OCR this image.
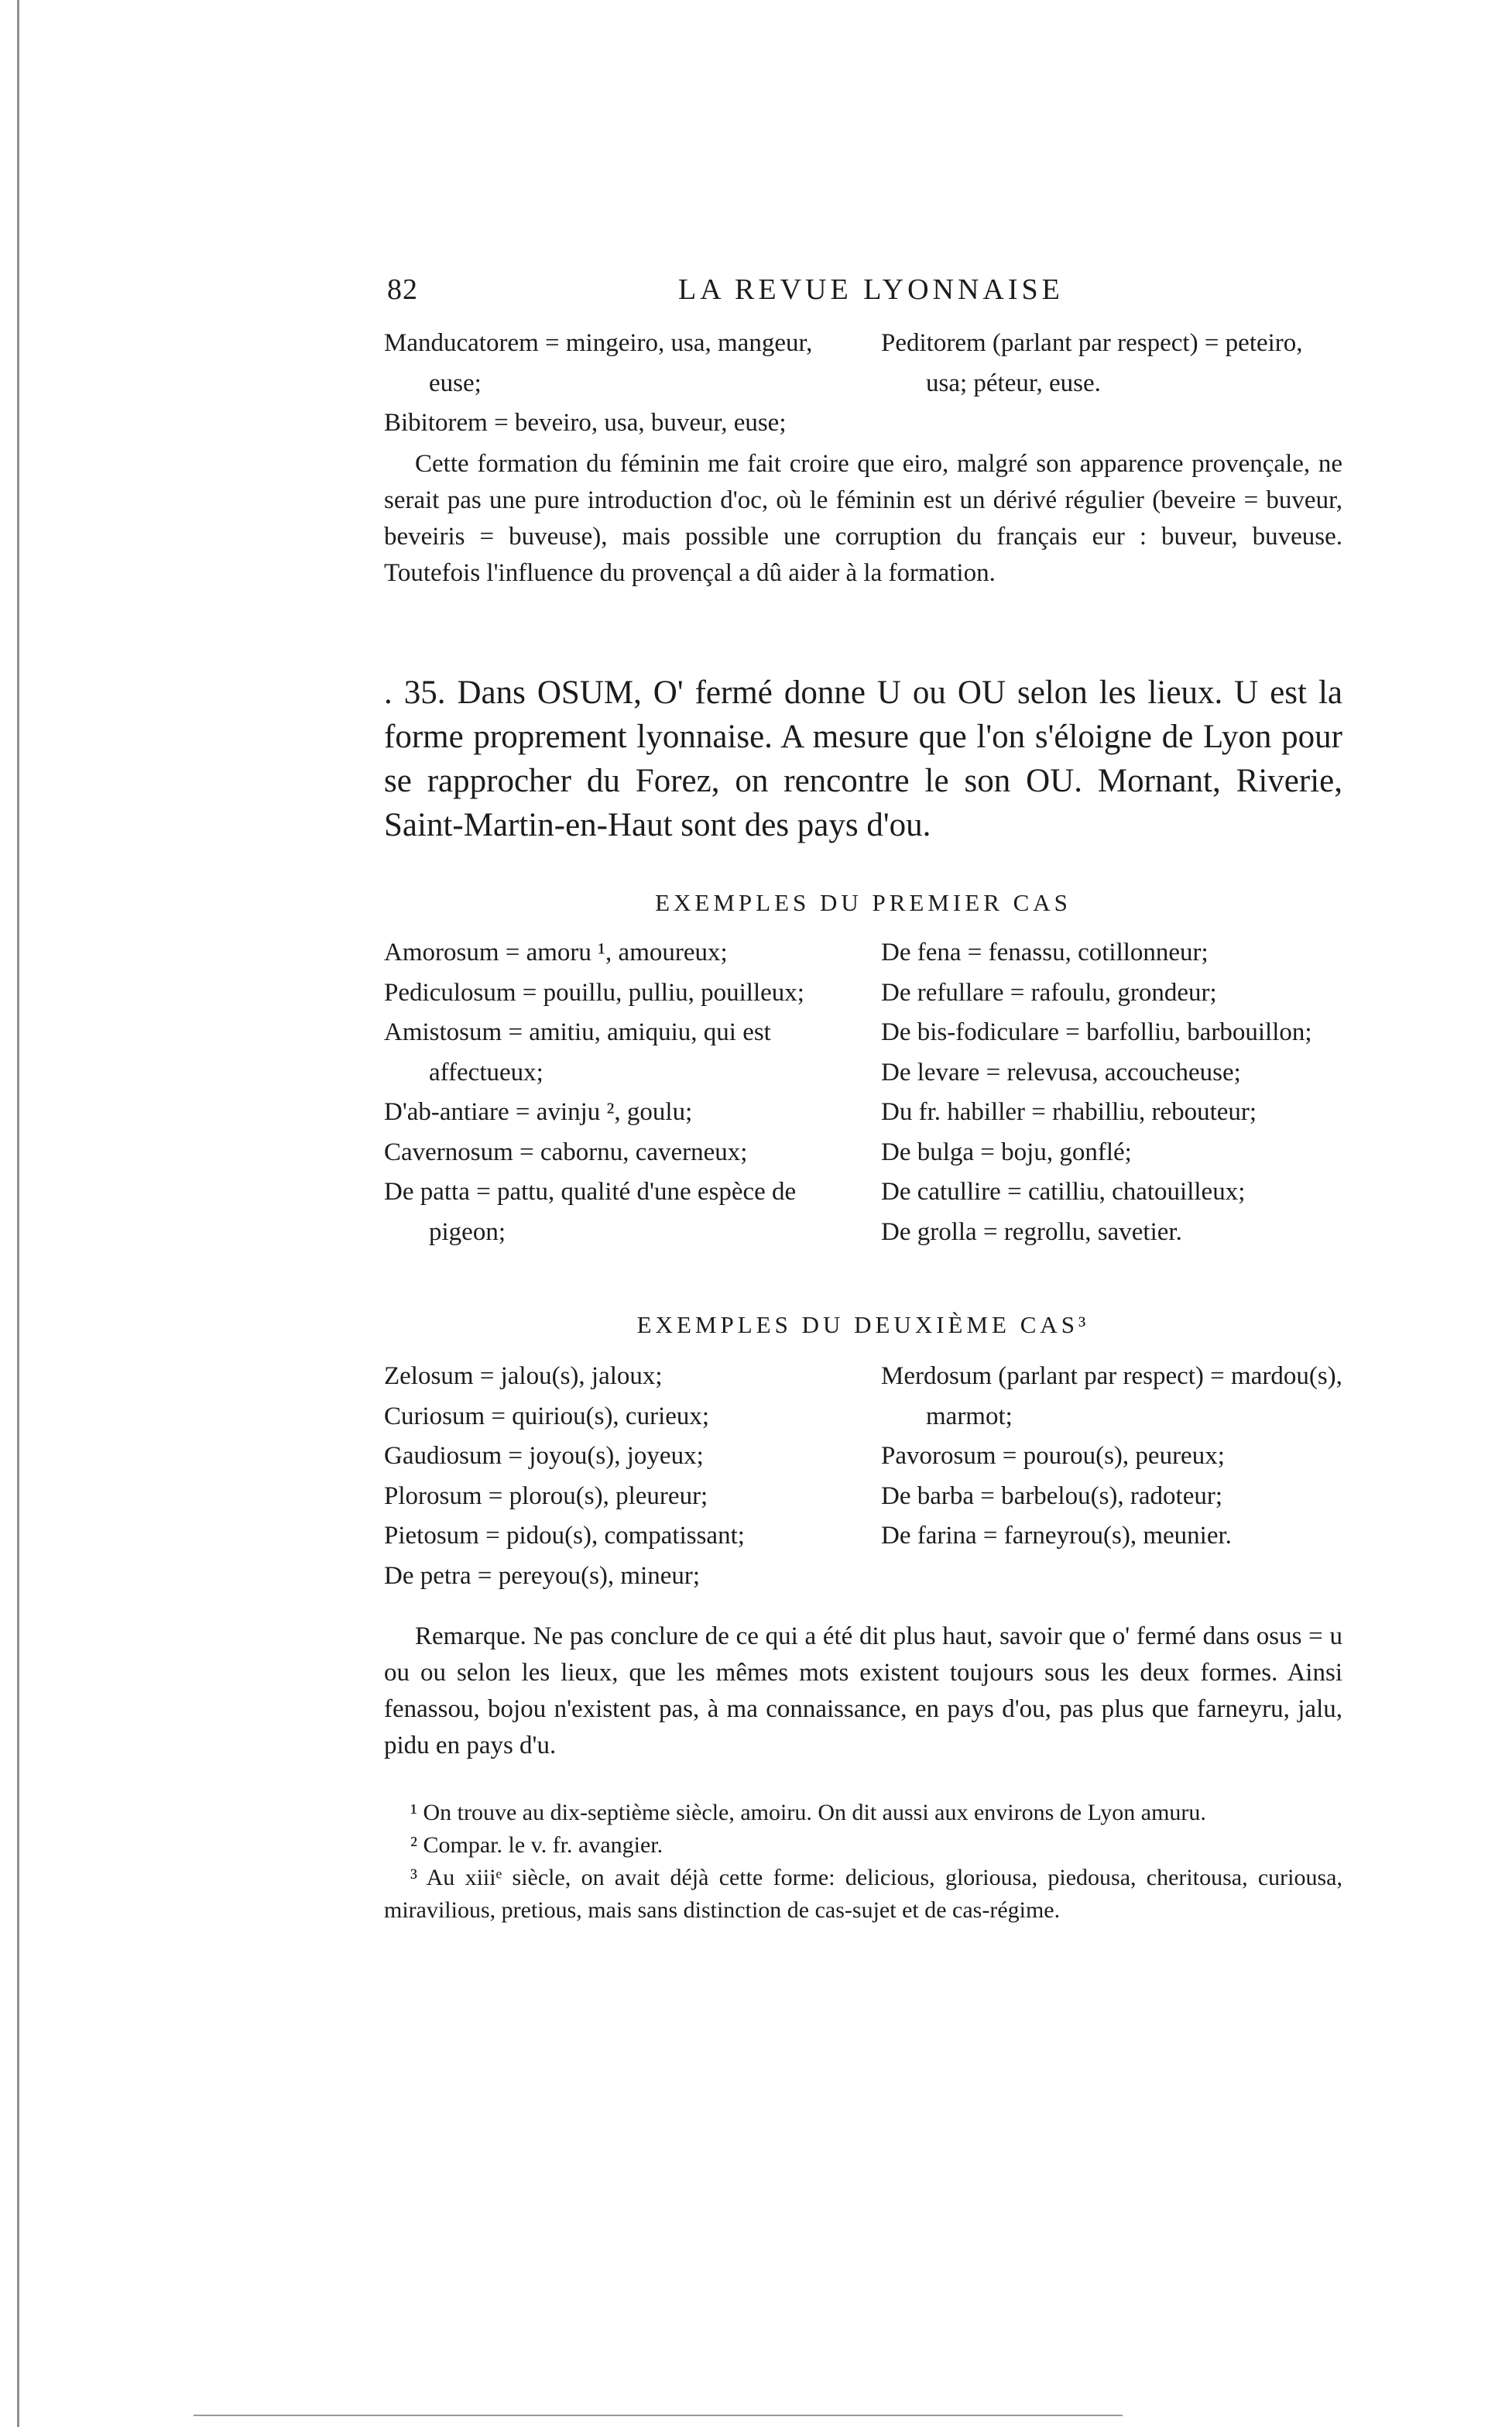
82	LA REVUE LYONNAISE
Manducatorem = mingeiro, usa, mangeur, euse;
Bibitorem = beveiro, usa, buveur, euse;
Peditorem (parlant par respect) = peteiro, usa; péteur, euse.

Cette formation du féminin me fait croire que eiro, malgré son apparence provençale, ne serait pas une pure introduction d'oc, où le féminin est un dérivé régulier (beveire = buveur, beveiris = buveuse), mais possible une corruption du français eur : buveur, buveuse. Toutefois l'influence du provençal a dû aider à la formation.

. 35. Dans OSUM, O' fermé donne U ou OU selon les lieux. U est la forme proprement lyonnaise. A mesure que l'on s'éloigne de Lyon pour se rapprocher du Forez, on rencontre le son OU. Mornant, Riverie, Saint-Martin-en-Haut sont des pays d'ou.

EXEMPLES DU PREMIER CAS
Amorosum = amoru ¹, amoureux;
Pediculosum = pouillu, pulliu, pouilleux;
Amistosum = amitiu, amiquiu, qui est affectueux;
D'ab-antiare = avinju ², goulu;
Cavernosum = cabornu, caverneux;
De patta = pattu, qualité d'une espèce de pigeon;
De fena = fenassu, cotillonneur;
De refullare = rafoulu, grondeur;
De bis-fodiculare = barfolliu, barbouillon;
De levare = relevusa, accoucheuse;
Du fr. habiller = rhabilliu, rebouteur;
De bulga = boju, gonflé;
De catullire = catilliu, chatouilleux;
De grolla = regrollu, savetier.
EXEMPLES DU DEUXIÈME CAS³
Zelosum = jalou(s), jaloux;
Curiosum = quiriou(s), curieux;
Gaudiosum = joyou(s), joyeux;
Plorosum = plorou(s), pleureur;
Pietosum = pidou(s), compatissant;
De petra = pereyou(s), mineur;
Merdosum (parlant par respect) = mardou(s), marmot;
Pavorosum = pourou(s), peureux;
De barba = barbelou(s), radoteur;
De farina = farneyrou(s), meunier.

Remarque. Ne pas conclure de ce qui a été dit plus haut, savoir que o' fermé dans osus = u ou ou selon les lieux, que les mêmes mots existent toujours sous les deux formes. Ainsi fenassou, bojou n'existent pas, à ma connaissance, en pays d'ou, pas plus que farneyru, jalu, pidu en pays d'u.

¹ On trouve au dix-septième siècle, amoiru. On dit aussi aux environs de Lyon amuru.

² Compar. le v. fr. avangier.

³ Au xiiiᵉ siècle, on avait déjà cette forme: delicious, gloriousa, piedousa, cheritousa, curiousa, miravilious, pretious, mais sans distinction de cas-sujet et de cas-régime.
